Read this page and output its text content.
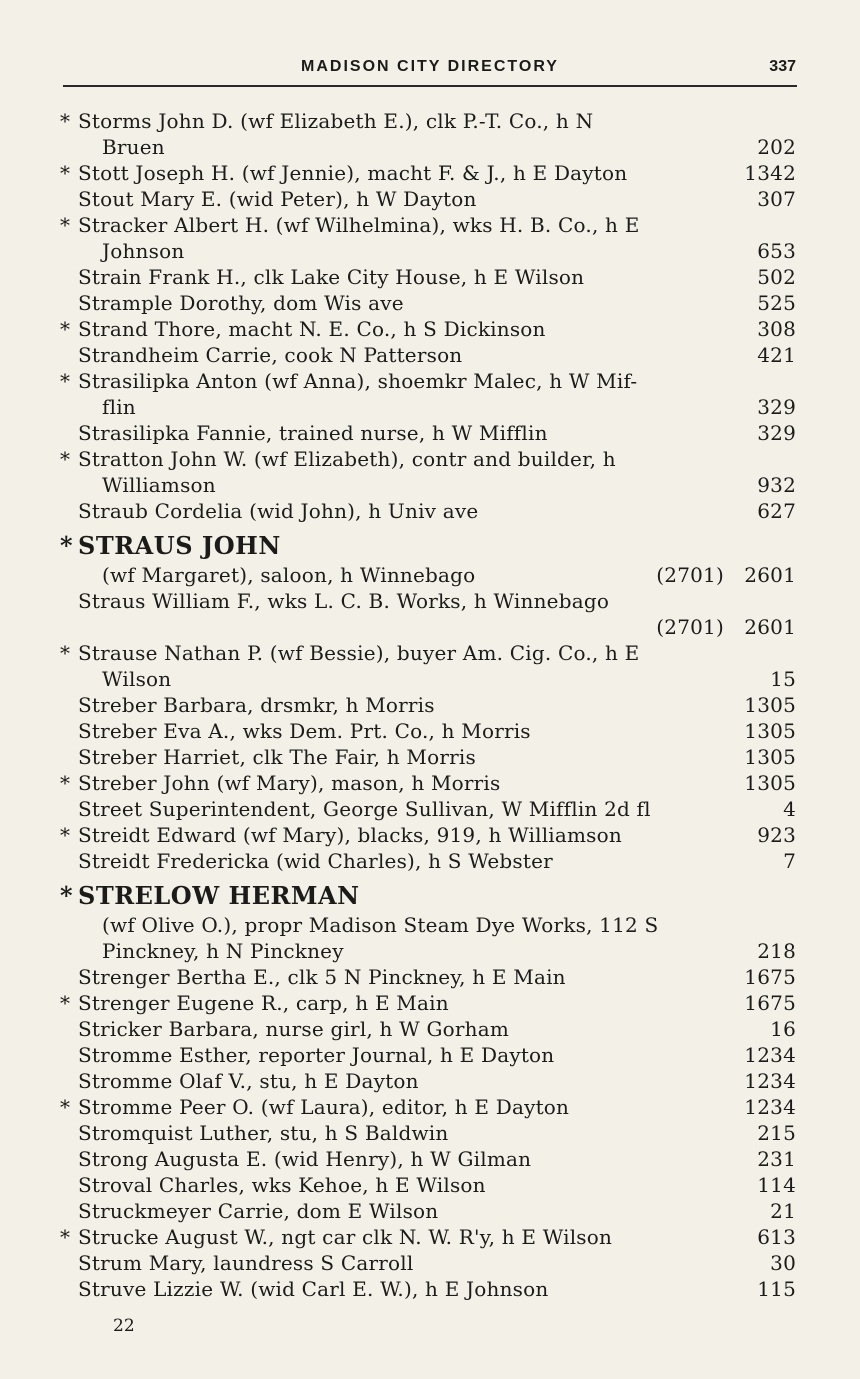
MADISON CITY DIRECTORY	337
* Storms John D. (wf Elizabeth E.), clk P.-T. Co., h N
Bruen	202
* Stott Joseph H. (wf Jennie), macht F. & J., h E Dayton	1342
Stout Mary E. (wid Peter), h W Dayton	307
* Stracker Albert H. (wf Wilhelmina), wks H. B. Co., h E
Johnson	653
Strain Frank H., clk Lake City House, h E Wilson	502
Strample Dorothy, dom Wis ave	525
* Strand Thore, macht N. E. Co., h S Dickinson	308
Strandheim Carrie, cook N Patterson	421
* Strasilipka Anton (wf Anna), shoemkr Malec, h W Mif-
flin	329
Strasilipka Fannie, trained nurse, h W Mifflin	329
* Stratton John W. (wf Elizabeth), contr and builder, h
Williamson	932
Straub Cordelia (wid John), h Univ ave	627
* STRAUS JOHN
(wf Margaret), saloon, h Winnebago	(2701) 2601
Straus William F., wks L. C. B. Works, h Winnebago
(2701) 2601
* Strause Nathan P. (wf Bessie), buyer Am. Cig. Co., h E
Wilson	15
Streber Barbara, drsmkr, h Morris	1305
Streber Eva A., wks Dem. Prt. Co., h Morris	1305
Streber Harriet, clk The Fair, h Morris	1305
* Streber John (wf Mary), mason, h Morris	1305
Street Superintendent, George Sullivan, W Mifflin 2d fl	4
* Streidt Edward (wf Mary), blacks, 919, h Williamson	923
Streidt Fredericka (wid Charles), h S Webster	7
* STRELOW HERMAN
(wf Olive O.), propr Madison Steam Dye Works, 112 S
Pinckney, h N Pinckney	218
Strenger Bertha E., clk 5 N Pinckney, h E Main	1675
* Strenger Eugene R., carp, h E Main	1675
Stricker Barbara, nurse girl, h W Gorham	16
Stromme Esther, reporter Journal, h E Dayton	1234
Stromme Olaf V., stu, h E Dayton	1234
* Stromme Peer O. (wf Laura), editor, h E Dayton	1234
Stromquist Luther, stu, h S Baldwin	215
Strong Augusta E. (wid Henry), h W Gilman	231
Stroval Charles, wks Kehoe, h E Wilson	114
Struckmeyer Carrie, dom E Wilson	21
* Strucke August W., ngt car clk N. W. R'y, h E Wilson	613
Strum Mary, laundress S Carroll	30
Struve Lizzie W. (wid Carl E. W.), h E Johnson	115
22
